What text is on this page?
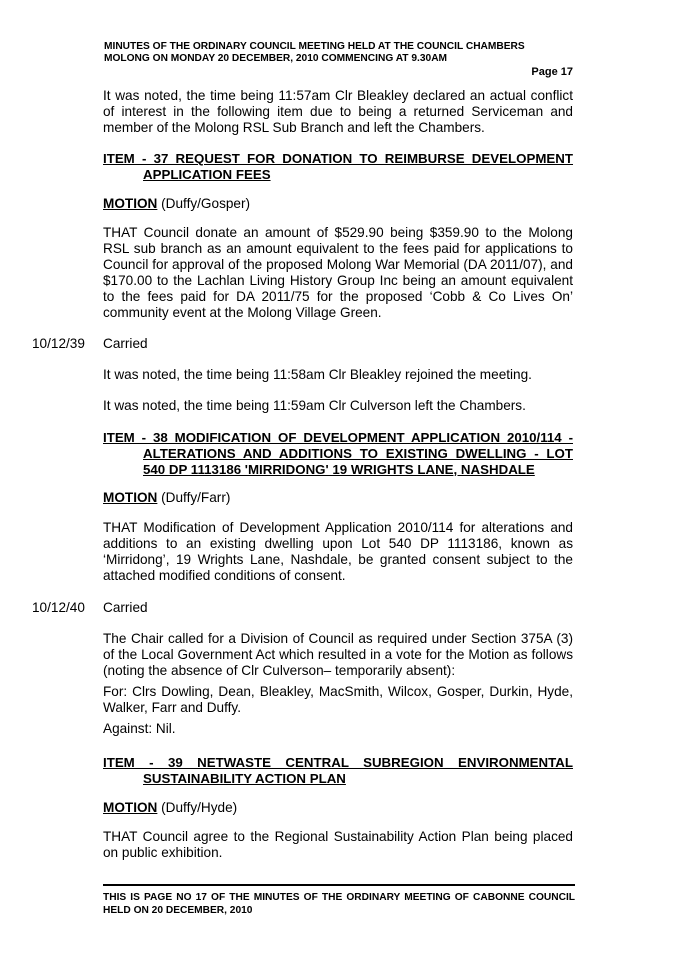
MINUTES OF THE ORDINARY COUNCIL MEETING HELD AT THE COUNCIL CHAMBERS
MOLONG ON MONDAY 20 DECEMBER, 2010 COMMENCING AT 9.30AM
Page 17
It was noted, the time being 11:57am Clr Bleakley declared an actual conflict of interest in the following item due to being a returned Serviceman and member of the Molong RSL Sub Branch and left the Chambers.
ITEM - 37 REQUEST FOR DONATION TO REIMBURSE DEVELOPMENT
APPLICATION FEES
MOTION (Duffy/Gosper)
THAT Council donate an amount of $529.90 being $359.90 to the Molong RSL sub branch as an amount equivalent to the fees paid for applications to Council for approval of the proposed Molong War Memorial (DA 2011/07), and $170.00 to the Lachlan Living History Group Inc being an amount equivalent to the fees paid for DA 2011/75 for the proposed ‘Cobb & Co Lives On’ community event at the Molong Village Green.
10/12/39 Carried
It was noted, the time being 11:58am Clr Bleakley rejoined the meeting.
It was noted, the time being 11:59am Clr Culverson left the Chambers.
ITEM - 38 MODIFICATION OF DEVELOPMENT APPLICATION 2010/114 -
ALTERATIONS AND ADDITIONS TO EXISTING DWELLING - LOT
540 DP 1113186 'MIRRIDONG' 19 WRIGHTS LANE, NASHDALE
MOTION (Duffy/Farr)
THAT Modification of Development Application 2010/114 for alterations and additions to an existing dwelling upon Lot 540 DP 1113186, known as ‘Mirridong’, 19 Wrights Lane, Nashdale, be granted consent subject to the attached modified conditions of consent.
10/12/40 Carried
The Chair called for a Division of Council as required under Section 375A (3) of the Local Government Act which resulted in a vote for the Motion as follows (noting the absence of Clr Culverson– temporarily absent):
For: Clrs Dowling, Dean, Bleakley, MacSmith, Wilcox, Gosper, Durkin, Hyde, Walker, Farr and Duffy.
Against: Nil.
ITEM - 39 NETWASTE CENTRAL SUBREGION ENVIRONMENTAL
SUSTAINABILITY ACTION PLAN
MOTION (Duffy/Hyde)
THAT Council agree to the Regional Sustainability Action Plan being placed on public exhibition.
THIS IS PAGE NO 17 OF THE MINUTES OF THE ORDINARY MEETING OF CABONNE COUNCIL HELD ON 20 DECEMBER, 2010
